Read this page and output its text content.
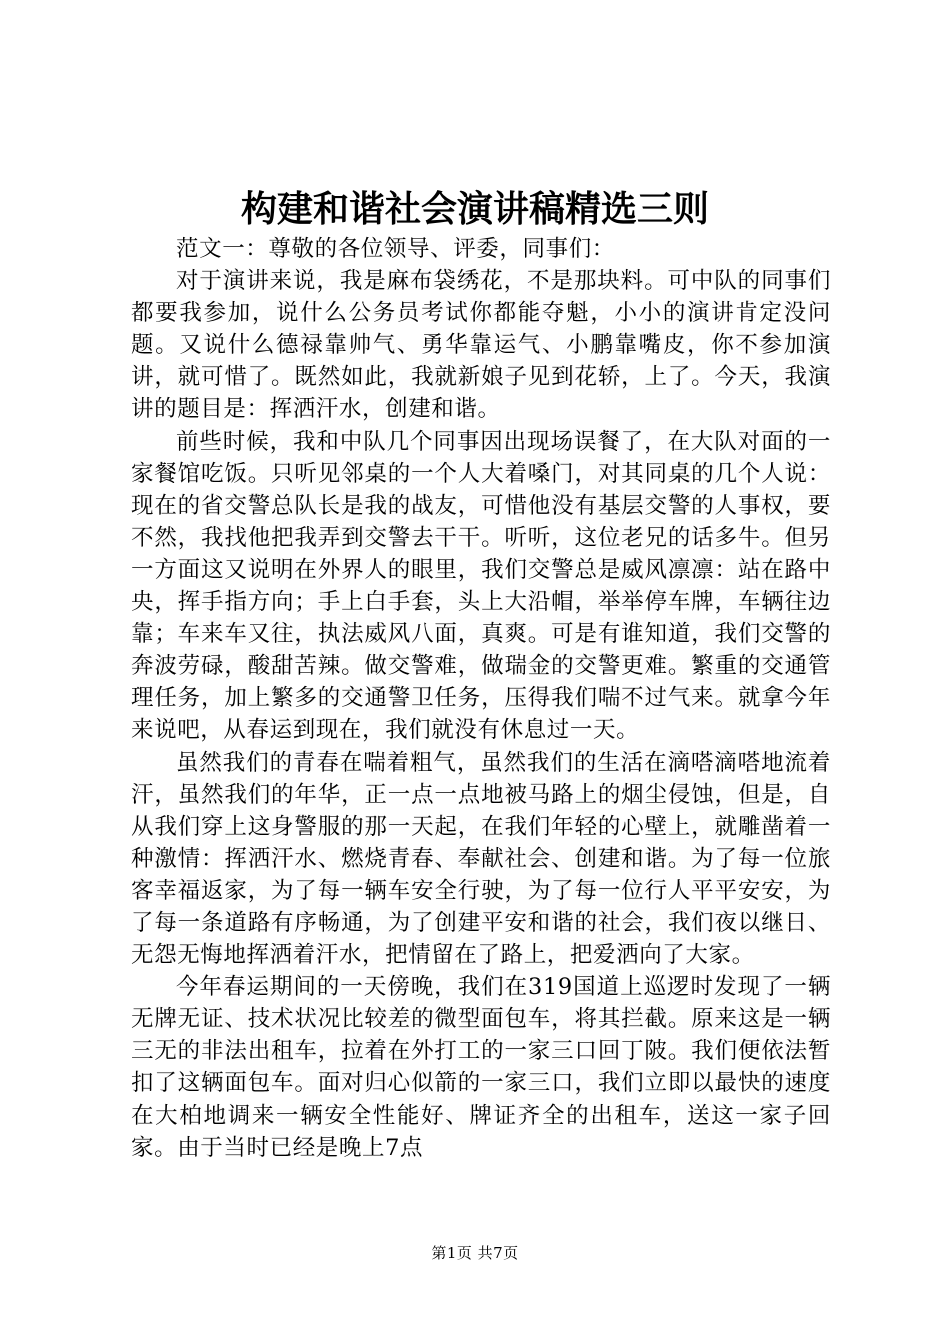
构建和谐社会演讲稿精选三则

范文一：尊敬的各位领导、评委，同事们：

对于演讲来说，我是麻布袋绣花，不是那块料。可中队的同事们都要我参加，说什么公务员考试你都能夺魁，小小的演讲肯定没问题。又说什么德禄靠帅气、勇华靠运气、小鹏靠嘴皮，你不参加演讲，就可惜了。既然如此，我就新娘子见到花轿，上了。今天，我演讲的题目是：挥洒汗水，创建和谐。

前些时候，我和中队几个同事因出现场误餐了，在大队对面的一家餐馆吃饭。只听见邻桌的一个人大着嗓门，对其同桌的几个人说：现在的省交警总队长是我的战友，可惜他没有基层交警的人事权，要不然，我找他把我弄到交警去干干。听听，这位老兄的话多牛。但另一方面这又说明在外界人的眼里，我们交警总是威风凛凛：站在路中央，挥手指方向；手上白手套，头上大沿帽，举举停车牌，车辆往边靠；车来车又往，执法威风八面，真爽。可是有谁知道，我们交警的奔波劳碌，酸甜苦辣。做交警难，做瑞金的交警更难。繁重的交通管理任务，加上繁多的交通警卫任务，压得我们喘不过气来。就拿今年来说吧，从春运到现在，我们就没有休息过一天。

虽然我们的青春在喘着粗气，虽然我们的生活在滴嗒滴嗒地流着汗，虽然我们的年华，正一点一点地被马路上的烟尘侵蚀，但是，自从我们穿上这身警服的那一天起，在我们年轻的心壁上，就雕凿着一种激情：挥洒汗水、燃烧青春、奉献社会、创建和谐。为了每一位旅客幸福返家，为了每一辆车安全行驶，为了每一位行人平平安安，为了每一条道路有序畅通，为了创建平安和谐的社会，我们夜以继日、无怨无悔地挥洒着汗水，把情留在了路上，把爱洒向了大家。

今年春运期间的一天傍晚，我们在319国道上巡逻时发现了一辆无牌无证、技术状况比较差的微型面包车，将其拦截。原来这是一辆三无的非法出租车，拉着在外打工的一家三口回丁陂。我们便依法暂扣了这辆面包车。面对归心似箭的一家三口，我们立即以最快的速度在大柏地调来一辆安全性能好、牌证齐全的出租车，送这一家子回家。由于当时已经是晚上7点

第1页 共7页
